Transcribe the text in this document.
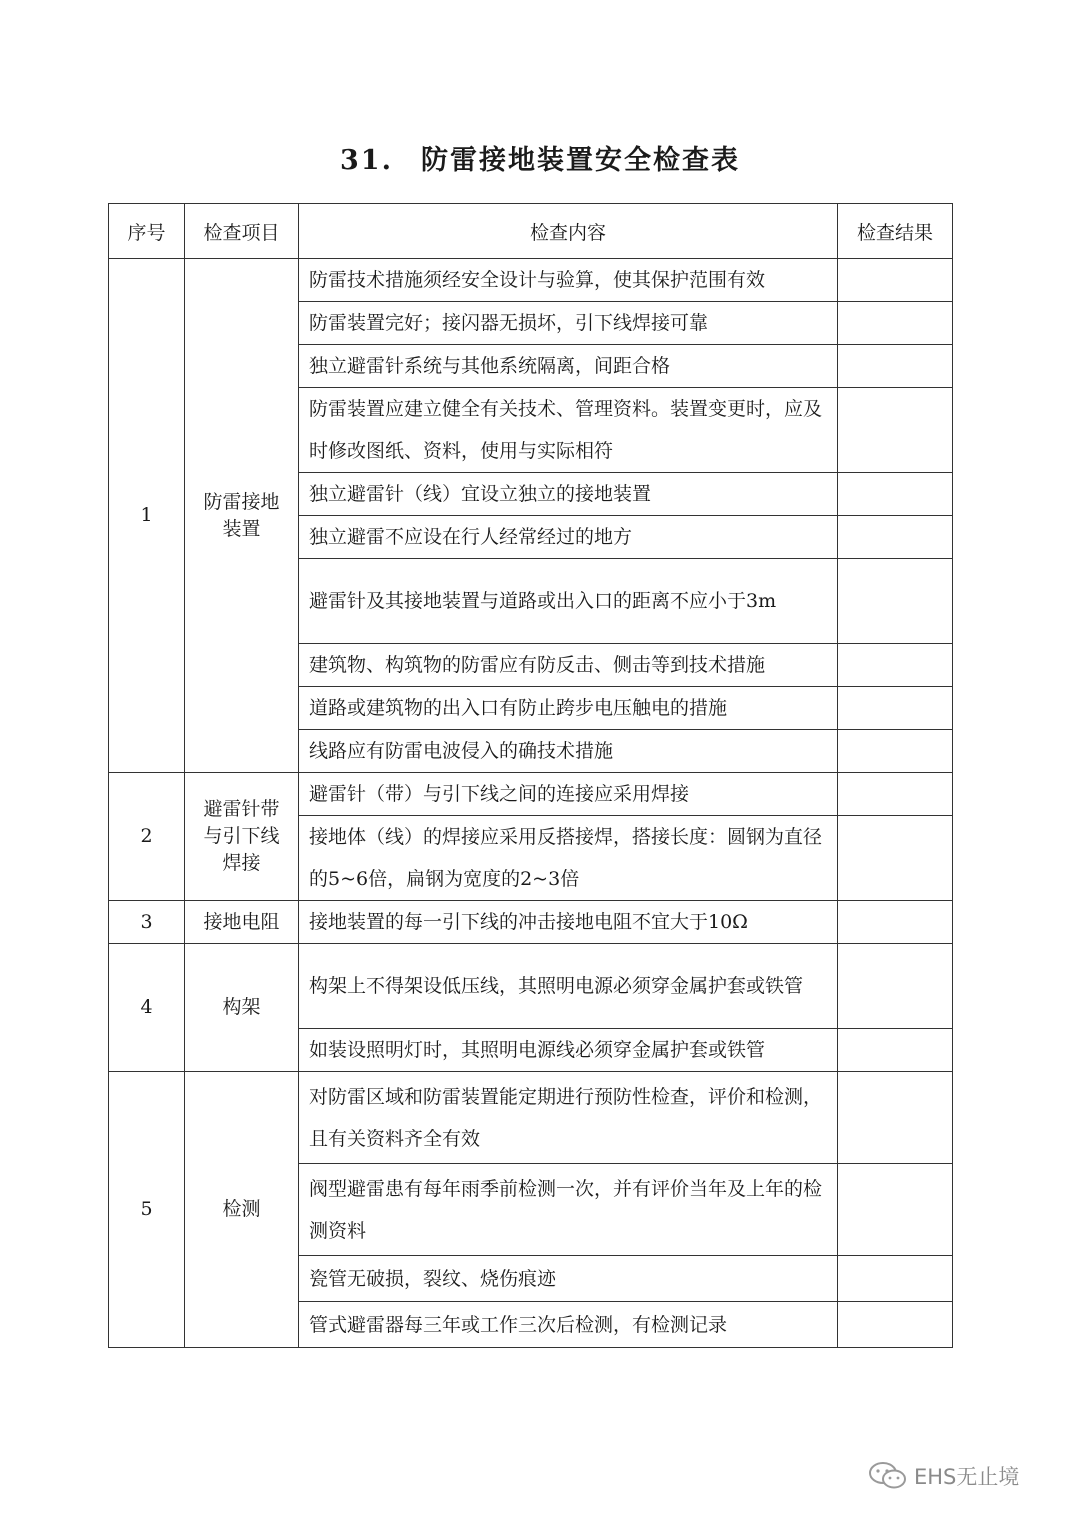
31. 防雷接地装置安全检查表
序号	检查项目	检查内容	检查结果
1	防雷接地装置	防雷技术措施须经安全设计与验算，使其保护范围有效	
		防雷装置完好；接闪器无损坏，引下线焊接可靠	
		独立避雷针系统与其他系统隔离，间距合格	
		防雷装置应建立健全有关技术、管理资料。装置变更时，应及时修改图纸、资料，使用与实际相符	
		独立避雷针（线）宜设立独立的接地装置	
		独立避雷不应设在行人经常经过的地方	
		避雷针及其接地装置与道路或出入口的距离不应小于3m	
		建筑物、构筑物的防雷应有防反击、侧击等到技术措施	
		道路或建筑物的出入口有防止跨步电压触电的措施	
		线路应有防雷电波侵入的确技术措施	
2	避雷针带与引下线焊接	避雷针（带）与引下线之间的连接应采用焊接	
		接地体（线）的焊接应采用反搭接焊，搭接长度：圆钢为直径的5~6倍，扁钢为宽度的2~3倍	
3	接地电阻	接地装置的每一引下线的冲击接地电阻不宜大于10Ω	
4	构架	构架上不得架设低压线，其照明电源必须穿金属护套或铁管	
		如装设照明灯时，其照明电源线必须穿金属护套或铁管	
5	检测	对防雷区域和防雷装置能定期进行预防性检查，评价和检测，且有关资料齐全有效	
		阀型避雷患有每年雨季前检测一次，并有评价当年及上年的检测资料	
		瓷管无破损，裂纹、烧伤痕迹	
		管式避雷器每三年或工作三次后检测，有检测记录	
EHS无止境
